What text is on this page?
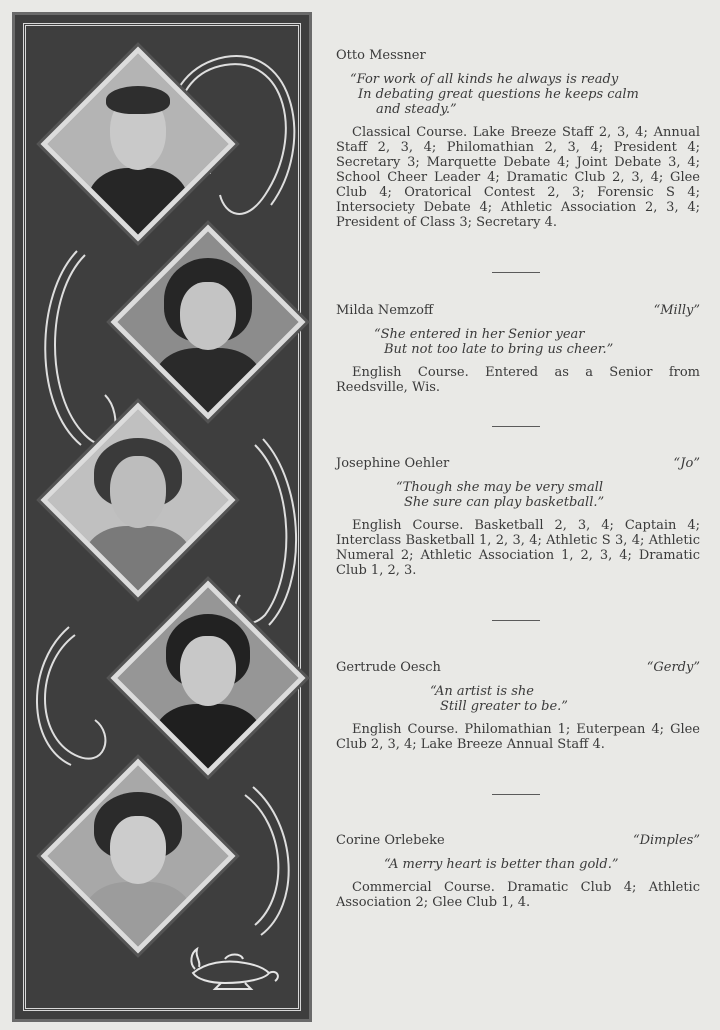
Otto Messner
“For work of all kinds he always is ready
In debating great questions he keeps calm
and steady.”
Classical Course. Lake Breeze Staff 2, 3, 4; Annual Staff 2, 3, 4; Philomathian 2, 3, 4; President 4; Secretary 3; Marquette Debate 4; Joint Debate 3, 4; School Cheer Leader 4; Dramatic Club 2, 3, 4; Glee Club 4; Oratorical Contest 2, 3; Forensic S 4; Intersociety Debate 4; Athletic Association 2, 3, 4; President of Class 3; Secretary 4.
Milda Nemzoff	“Milly”
“She entered in her Senior year
But not too late to bring us cheer.”
English Course. Entered as a Senior from Reedsville, Wis.
Josephine Oehler	“Jo”
“Though she may be very small
She sure can play basketball.”
English Course. Basketball 2, 3, 4; Captain 4; Interclass Basketball 1, 2, 3, 4; Athletic S 3, 4; Athletic Numeral 2; Athletic Association 1, 2, 3, 4; Dramatic Club 1, 2, 3.
Gertrude Oesch	“Gerdy”
“An artist is she
Still greater to be.”
English Course. Philomathian 1; Euterpean 4; Glee Club 2, 3, 4; Lake Breeze Annual Staff 4.
Corine Orlebeke	“Dimples”
“A merry heart is better than gold.”
Commercial Course. Dramatic Club 4; Athletic Association 2; Glee Club 1, 4.
